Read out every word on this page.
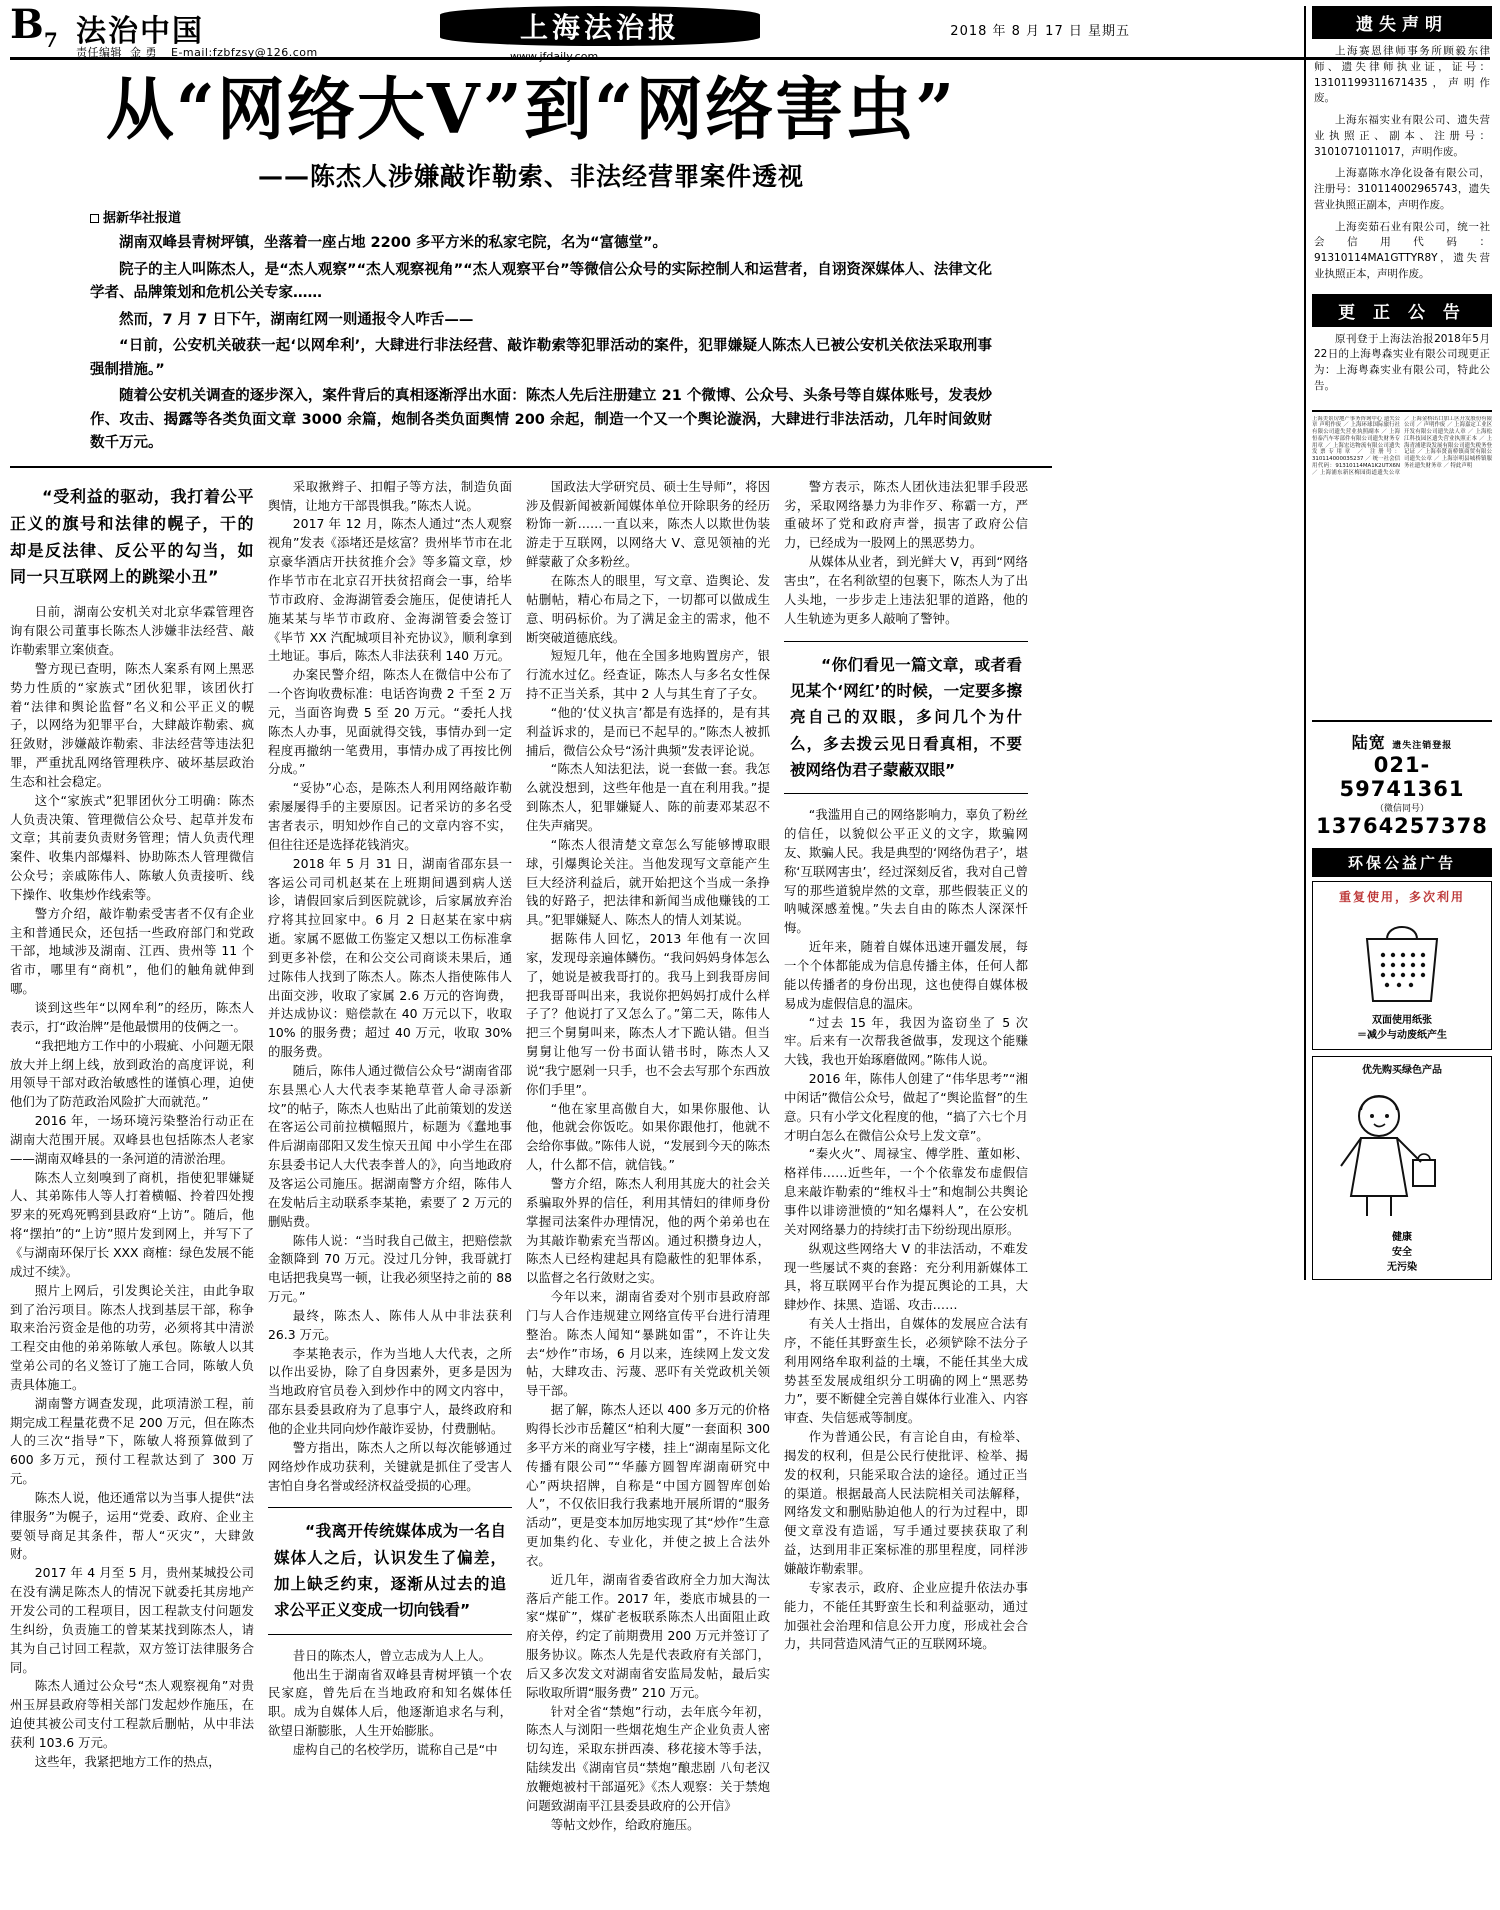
$B_7$ 法治中国
责任编辑 金 勇 E-mail:fzbfzsy@126.com
上海法治报
www.jfdaily.com
2018 年 8 月 17 日 星期五
从“网络大V”到“网络害虫”
——陈杰人涉嫌敲诈勒索、非法经营罪案件透视
据新华社报道

湖南双峰县青树坪镇，坐落着一座占地 2200 多平方米的私家宅院，名为“富德堂”。

院子的主人叫陈杰人，是“杰人观察”“杰人观察视角”“杰人观察平台”等微信公众号的实际控制人和运营者，自诩资深媒体人、法律文化学者、品牌策划和危机公关专家……

然而，7 月 7 日下午，湖南红网一则通报令人咋舌——

“日前，公安机关破获一起‘以网牟利’，大肆进行非法经营、敲诈勒索等犯罪活动的案件，犯罪嫌疑人陈杰人已被公安机关依法采取刑事强制措施。”

随着公安机关调查的逐步深入，案件背后的真相逐渐浮出水面：陈杰人先后注册建立 21 个微博、公众号、头条号等自媒体账号，发表炒作、攻击、揭露等各类负面文章 3000 余篇，炮制各类负面舆情 200 余起，制造一个又一个舆论漩涡，大肆进行非法活动，几年时间敛财数千万元。

“受利益的驱动，我打着公平正义的旗号和法律的幌子，干的却是反法律、反公平的勾当，如同一只互联网上的跳梁小丑”

日前，湖南公安机关对北京华霖管理咨询有限公司董事长陈杰人涉嫌非法经营、敲诈勒索罪立案侦查。

警方现已查明，陈杰人案系有网上黑恶势力性质的“家族式”团伙犯罪，该团伙打着“法律和舆论监督”名义和公平正义的幌子，以网络为犯罪平台，大肆敲诈勒索、疯狂敛财，涉嫌敲诈勒索、非法经营等违法犯罪，严重扰乱网络管理秩序、破坏基层政治生态和社会稳定。

这个“家族式”犯罪团伙分工明确：陈杰人负责决策、管理微信公众号、起草并发布文章；其前妻负责财务管理；情人负责代理案件、收集内部爆料、协助陈杰人管理微信公众号；亲戚陈伟人、陈敏人负责接听、线下操作、收集炒作线索等。

警方介绍，敲诈勒索受害者不仅有企业主和普通民众，还包括一些政府部门和党政干部，地域涉及湖南、江西、贵州等 11 个省市，哪里有“商机”，他们的触角就伸到哪。

谈到这些年“以网牟利”的经历，陈杰人表示，打“政治牌”是他最惯用的伎俩之一。

“我把地方工作中的小瑕疵、小问题无限放大并上纲上线，放到政治的高度评说，利用领导干部对政治敏感性的谨慎心理，迫使他们为了防范政治风险扩大而就范。”

2016 年，一场环境污染整治行动正在湖南大范围开展。双峰县也包括陈杰人老家——湖南双峰县的一条河道的清淤治理。

陈杰人立刻嗅到了商机，指使犯罪嫌疑人、其弟陈伟人等人打着横幅、拎着四处搜罗来的死鸡死鸭到县政府“上访”。随后，他将“摆拍”的“上访”照片发到网上，并写下了《与湖南环保厅长 XXX 商榷：绿色发展不能成过不续》。

照片上网后，引发舆论关注，由此争取到了治污项目。陈杰人找到基层干部，称争取来治污资金是他的功劳，必须将其中清淤工程交由他的弟弟陈敏人承包。陈敏人以其堂弟公司的名义签订了施工合同，陈敏人负责具体施工。

湖南警方调查发现，此项清淤工程，前期完成工程量花费不足 200 万元，但在陈杰人的三次“指导”下，陈敏人将预算做到了 600 多万元，预付工程款达到了 300 万元。

陈杰人说，他还通常以为当事人提供“法律服务”为幌子，运用“党委、政府、企业主要领导商足其条件，帮人“灭灾”，大肆敛财。

2017 年 4 月至 5 月，贵州某城投公司在没有满足陈杰人的情况下就委托其房地产开发公司的工程项目，因工程款支付问题发生纠纷，负责施工的曾某某找到陈杰人，请其为自己讨回工程款，双方签订法律服务合同。

陈杰人通过公众号“杰人观察视角”对贵州玉屏县政府等相关部门发起炒作施压，在迫使其被公司支付工程款后删帖，从中非法获利 103.6 万元。

这些年，我紧把地方工作的热点，

采取揪辫子、扣帽子等方法，制造负面舆情，让地方干部畏惧我。”陈杰人说。

2017 年 12 月，陈杰人通过“杰人观察视角”发表《添堵还是炫富？贵州毕节市在北京豪华酒店开扶贫推介会》等多篇文章，炒作毕节市在北京召开扶贫招商会一事，给毕节市政府、金海湖管委会施压，促使请托人施某某与毕节市政府、金海湖管委会签订《毕节 XX 汽配城项目补充协议》，顺利拿到土地证。事后，陈杰人非法获利 140 万元。

办案民警介绍，陈杰人在微信中公布了一个咨询收费标准：电话咨询费 2 千至 2 万元，当面咨询费 5 至 20 万元。“委托人找陈杰人办事，见面就得交钱，事情办到一定程度再撤纳一笔费用，事情办成了再按比例分成。”

“妥协”心态，是陈杰人利用网络敲诈勒索屡屡得手的主要原因。记者采访的多名受害者表示，明知炒作自己的文章内容不实，但往往还是选择花钱消灾。

2018 年 5 月 31 日，湖南省邵东县一客运公司司机赵某在上班期间遇到病人送诊，请假回家后到医院就诊，后家属放弃治疗将其拉回家中。6 月 2 日赵某在家中病逝。家属不愿做工伤鉴定又想以工伤标准拿到更多补偿，在和公交公司商谈未果后，通过陈伟人找到了陈杰人。陈杰人指使陈伟人出面交涉，收取了家属 2.6 万元的咨询费，并达成协议：赔偿款在 40 万元以下，收取 10% 的服务费；超过 40 万元，收取 30% 的服务费。

随后，陈伟人通过微信公众号“湖南省邵东县黑心人大代表李某艳草菅人命寻添新坟”的帖子，陈杰人也贴出了此前策划的发送在客运公司前拉横幅照片，标题为《蠢地事件后湖南邵阳又发生惊天丑闻 中小学生在邵东县委书记人大代表李普人的》，向当地政府及客运公司施压。据湖南警方介绍，陈伟人在发帖后主动联系李某艳，索要了 2 万元的删贴费。

陈伟人说：“当时我自己做主，把赔偿款金额降到 70 万元。没过几分钟，我哥就打电话把我臭骂一顿，让我必须坚持之前的 88 万元。”

最终，陈杰人、陈伟人从中非法获利 26.3 万元。

李某艳表示，作为当地人大代表，之所以作出妥协，除了自身因素外，更多是因为当地政府官员卷入到炒作中的网文内容中，邵东县委县政府为了息事宁人，最终政府和他的企业共同向炒作敲诈妥协，付费删帖。

警方指出，陈杰人之所以每次能够通过网络炒作成功获利，关键就是抓住了受害人害怕自身名誉或经济权益受损的心理。

“我离开传统媒体成为一名自媒体人之后，认识发生了偏差，加上缺乏约束，逐渐从过去的追求公平正义变成一切向钱看”

昔日的陈杰人，曾立志成为人上人。

他出生于湖南省双峰县青树坪镇一个农民家庭，曾先后在当地政府和知名媒体任职。成为自媒体人后，他逐渐追求名与利，欲望日渐膨胀，人生开始膨胀。

虚构自己的名校学历，谎称自己是“中

国政法大学研究员、硕士生导师”，将因涉及假新闻被新闻媒体单位开除职务的经历粉饰一新……一直以来，陈杰人以欺世伪装游走于互联网，以网络大 V、意见领袖的光鲜蒙蔽了众多粉丝。

在陈杰人的眼里，写文章、造舆论、发帖删帖，精心布局之下，一切都可以做成生意、明码标价。为了满足金主的需求，他不断突破道德底线。

短短几年，他在全国多地购置房产，银行流水过亿。经查证，陈杰人与多名女性保持不正当关系，其中 2 人与其生育了子女。

“他的‘仗义执言’都是有选择的，是有其利益诉求的，是而已不起早的。”陈杰人被抓捕后，微信公众号“汤汁典频”发表评论说。

“陈杰人知法犯法，说一套做一套。我怎么就没想到，这些年他是一直在利用我。”提到陈杰人，犯罪嫌疑人、陈的前妻邓某忍不住失声痛哭。

“陈杰人很清楚文章怎么写能够博取眼球，引爆舆论关注。当他发现写文章能产生巨大经济利益后，就开始把这个当成一条挣钱的好路子，把法律和新闻当成他赚钱的工具。”犯罪嫌疑人、陈杰人的情人刘某说。

据陈伟人回忆，2013 年他有一次回家，发现母亲遍体鳞伤。“我问妈妈身体怎么了，她说是被我哥打的。我马上到我哥房间把我哥哥叫出来，我说你把妈妈打成什么样子了？他说打了又怎么了。”第二天，陈伟人把三个舅舅叫来，陈杰人才下跪认错。但当舅舅让他写一份书面认错书时，陈杰人又说“我宁愿剁一只手，也不会去写那个东西放你们手里”。

“他在家里高傲自大，如果你服他、认他，他就会你饭吃。如果你跟他打，他就不会给你事做。”陈伟人说，“发展到今天的陈杰人，什么都不信，就信钱。”

警方介绍，陈杰人利用其庞大的社会关系骗取外界的信任，利用其情妇的律师身份掌握司法案件办理情况，他的两个弟弟也在为其敲诈勒索充当帮凶。通过积攒身边人，陈杰人已经构建起具有隐蔽性的犯罪体系，以监督之名行敛财之实。

今年以来，湖南省委对个别市县政府部门与人合作违规建立网络宣传平台进行清理整治。陈杰人闻知“暴跳如雷”，不许让失去“炒作”市场，6 月以来，连续网上发文发帖，大肆攻击、污蔑、恶吓有关党政机关领导干部。

据了解，陈杰人还以 400 多万元的价格购得长沙市岳麓区“柏利大厦”一套面积 300 多平方米的商业写字楼，挂上“湖南星际文化传播有限公司”“华藤方圆智库湖南研究中心”两块招牌，自称是“中国方圆智库创始人”，不仅依旧我行我素地开展所谓的“服务活动”，更是变本加厉地实现了其“炒作”生意更加集约化、专业化，并使之披上合法外衣。

近几年，湖南省委省政府全力加大淘汰落后产能工作。2017 年，娄底市城县的一家“煤矿”，煤矿老板联系陈杰人出面阻止政府关停，约定了前期费用 200 万元并签订了服务协议。陈杰人先是代表政府有关部门，后又多次发文对湖南省安监局发帖，最后实际收取所谓“服务费” 210 万元。

针对全省“禁炮”行动，去年底今年初，陈杰人与浏阳一些烟花炮生产企业负责人密切勾连，采取东拼西凑、移花接木等手法，陆续发出《湖南官员“禁炮”酿悲剧 八旬老汉放鞭炮被村干部逼死》《杰人观察：关于禁炮问题致湖南平江县委县政府的公开信》

等帖文炒作，给政府施压。

警方表示，陈杰人团伙违法犯罪手段恶劣，采取网络暴力为非作歹、称霸一方，严重破坏了党和政府声誉，损害了政府公信力，已经成为一股网上的黑恶势力。

从媒体从业者，到光鲜大 V，再到“网络害虫”，在名利欲望的包裹下，陈杰人为了出人头地，一步步走上违法犯罪的道路，他的人生轨迹为更多人敲响了警钟。

“你们看见一篇文章，或者看见某个‘网红’的时候，一定要多擦亮自己的双眼，多问几个为什么，多去拨云见日看真相，不要被网络伪君子蒙蔽双眼”

“我滥用自己的网络影响力，辜负了粉丝的信任，以貌似公平正义的文字，欺骗网友、欺骗人民。我是典型的‘网络伪君子’，堪称‘互联网害虫’，经过深刻反省，我对自己曾写的那些道貌岸然的文章，那些假装正义的呐喊深感羞愧。”失去自由的陈杰人深深忏悔。

近年来，随着自媒体迅速开疆发展，每一个个体都能成为信息传播主体，任何人都能以传播者的身份出现，这也使得自媒体极易成为虚假信息的温床。

“过去 15 年，我因为盗窃坐了 5 次牢。后来有一次帮我爸做事，发现这个能赚大钱，我也开始琢磨做网。”陈伟人说。

2016 年，陈伟人创建了“伟华思考”“湘中闲话”微信公众号，做起了“舆论监督”的生意。只有小学文化程度的他，“搞了六七个月才明白怎么在微信公众号上发文章”。

“秦火火”、周禄宝、傅学胜、董如彬、格祥伟……近些年，一个个依靠发布虚假信息来敲诈勒索的“维权斗士”和炮制公共舆论事件以诽谤泄愤的“知名爆料人”，在公安机关对网络暴力的持续打击下纷纷现出原形。

纵观这些网络大 V 的非法活动，不难发现一些屡试不爽的套路：充分利用新媒体工具，将互联网平台作为提瓦舆论的工具，大肆炒作、抹黑、造谣、攻击……

有关人士指出，自媒体的发展应合法有序，不能任其野蛮生长，必须铲除不法分子利用网络牟取利益的土壤，不能任其坐大成势甚至发展成组织分工明确的网上“黑恶势力”，要不断健全完善自媒体行业准入、内容审查、失信惩戒等制度。

作为普通公民，有言论自由，有检举、揭发的权利，但是公民行使批评、检举、揭发的权利，只能采取合法的途径。通过正当的渠道。根据最高人民法院相关司法解释，网络发文和删贴胁迫他人的行为过程中，即便文章没有造谣，写手通过要挟获取了利益，达到用非正案标准的那里程度，同样涉嫌敲诈勒索罪。

专家表示，政府、企业应提升依法办事能力，不能任其野蛮生长和利益驱动，通过加强社会治理和信息公开力度，形成社会合力，共同营造风清气正的互联网环境。

遗失声明

上海赛恩律师事务所顾毅东律师、遗失律师执业证，证号：13101199311671435，声明作废。

上海东福实业有限公司、遗失营业执照正、副本、注册号：3101071011017，声明作废。

上海嘉陈水净化设备有限公司，注册号：310114002965743，遗失营业执照正副本，声明作废。

上海奕茹石业有限公司，统一社会信用代码：91310114MA1GTTYR8Y，遗失营业执照正本，声明作废。

更 正 公 告

原刊登于上海法治报2018年5月22日的上海粤森实业有限公司现更正为：上海粤森实业有限公司，特此公告。

上海美景房地产事务咨询中心 遗失公章 声明作废 ／ 上海环球国际旅行社有限公司遗失营业执照副本 ／ 上海恒泰汽车零部件有限公司遗失财务专用章 ／ 上海宏达物流有限公司遗失发票专用章 ／ 注册号：310114000035237 ／ 统一社会信用代码：91310114MA1K2UTX6N ／ 上海浦东新区梅园街道遗失公章 ／ 上海金桥出口加工区开发股份有限公司 ／ 声明作废 ／ 上海嘉定工业区开发有限公司遗失法人章 ／ 上海松江科技园区遗失营业执照正本 ／ 上海青浦建设发展有限公司遗失税务登记证 ／ 上海奉贤南桥镇商贸有限公司遗失公章 ／ 上海崇明县城桥镇服务社遗失财务章 ／ 特此声明
陆宽 遗失注销登报
021-59741361
（微信同号）
13764257378
环保公益广告
重复使用，多次利用
双面使用纸张
＝减少与动废纸产生
优先购买绿色产品
健康
安全
无污染
